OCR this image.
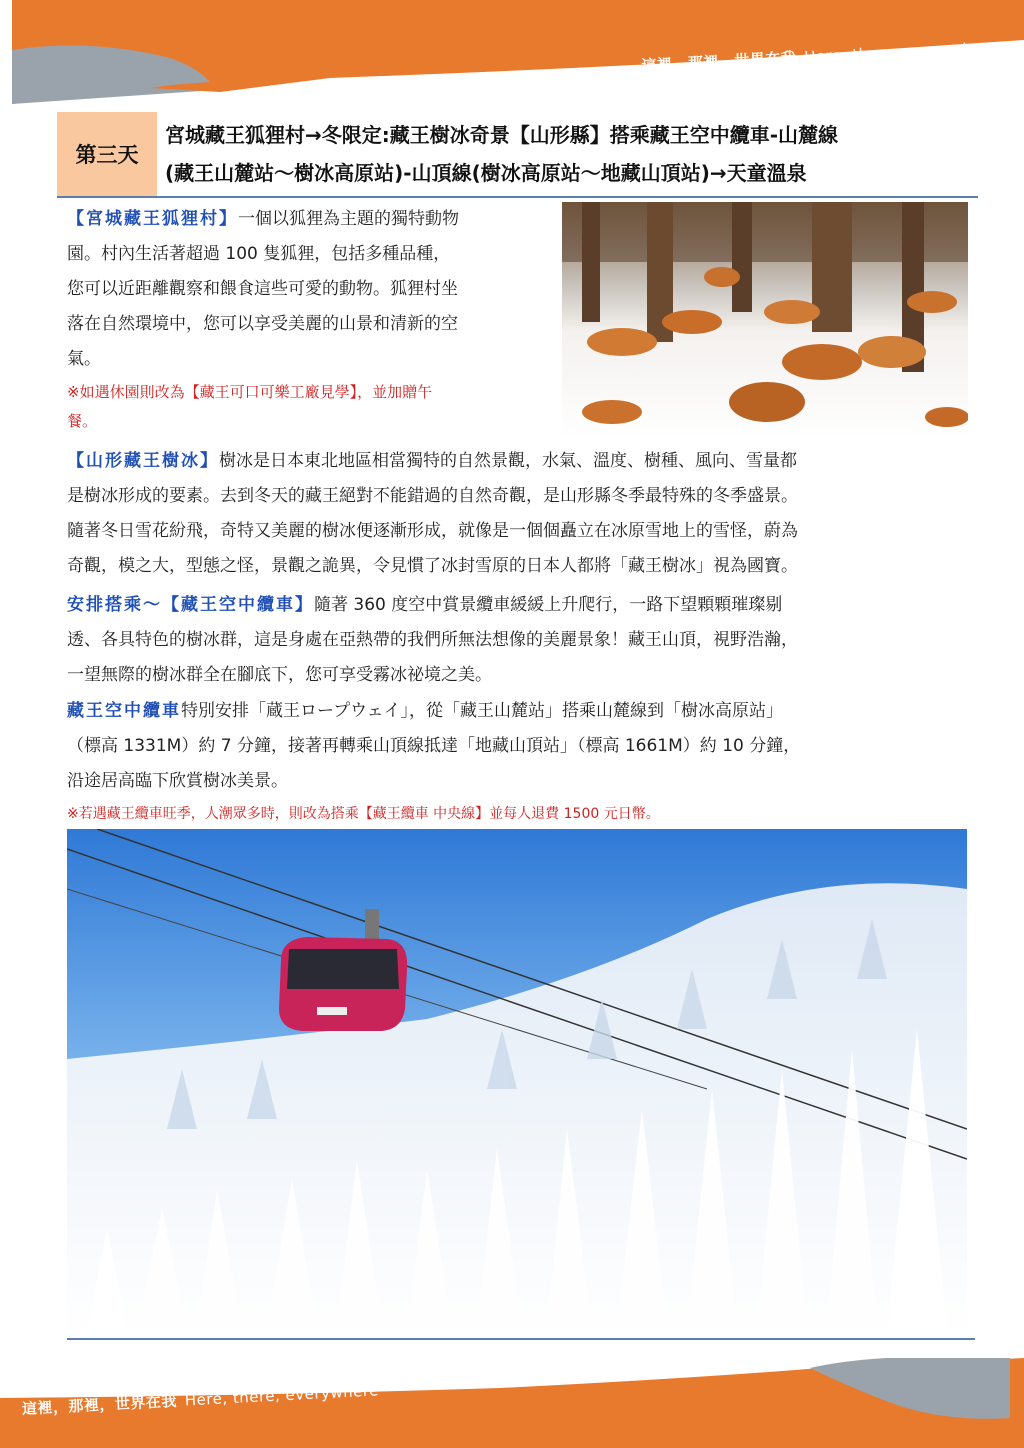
這裡，那裡，世界在我 Here, there, everywhere
第三天
宮城藏王狐狸村→冬限定:藏王樹冰奇景【山形縣】搭乘藏王空中纜車-山麓線
(藏王山麓站～樹冰高原站)-山頂線(樹冰高原站～地藏山頂站)→天童溫泉
【宮城藏王狐狸村】一個以狐狸為主題的獨特動物
園。村內生活著超過 100 隻狐狸，包括多種品種，
您可以近距離觀察和餵食這些可愛的動物。狐狸村坐
落在自然環境中，您可以享受美麗的山景和清新的空
氣。
※如遇休園則改為【藏王可口可樂工廠見學】，並加贈午
餐。
【山形藏王樹冰】樹冰是日本東北地區相當獨特的自然景觀，水氣、溫度、樹種、風向、雪量都
是樹冰形成的要素。去到冬天的藏王絕對不能錯過的自然奇觀，是山形縣冬季最特殊的冬季盛景。
隨著冬日雪花紛飛，奇特又美麗的樹冰便逐漸形成，就像是一個個矗立在冰原雪地上的雪怪，蔚為
奇觀，模之大，型態之怪，景觀之詭異，令見慣了冰封雪原的日本人都將「藏王樹冰」視為國寶。
安排搭乘～【藏王空中纜車】隨著 360 度空中賞景纜車緩緩上升爬行，一路下望顆顆璀璨剔
透、各具特色的樹冰群，這是身處在亞熱帶的我們所無法想像的美麗景象！藏王山頂，視野浩瀚，
一望無際的樹冰群全在腳底下，您可享受霧冰祕境之美。
藏王空中纜車特別安排「蔵王ロープウェイ」，從「藏王山麓站」搭乘山麓線到「樹冰高原站」
（標高 1331M）約 7 分鐘，接著再轉乘山頂線抵達「地藏山頂站」（標高 1661M）約 10 分鐘，
沿途居高臨下欣賞樹冰美景。
※若遇藏王纜車旺季，人潮眾多時，則改為搭乘【藏王纜車 中央線】並每人退費 1500 元日幣。
這裡，那裡，世界在我 Here, there, everywhere
